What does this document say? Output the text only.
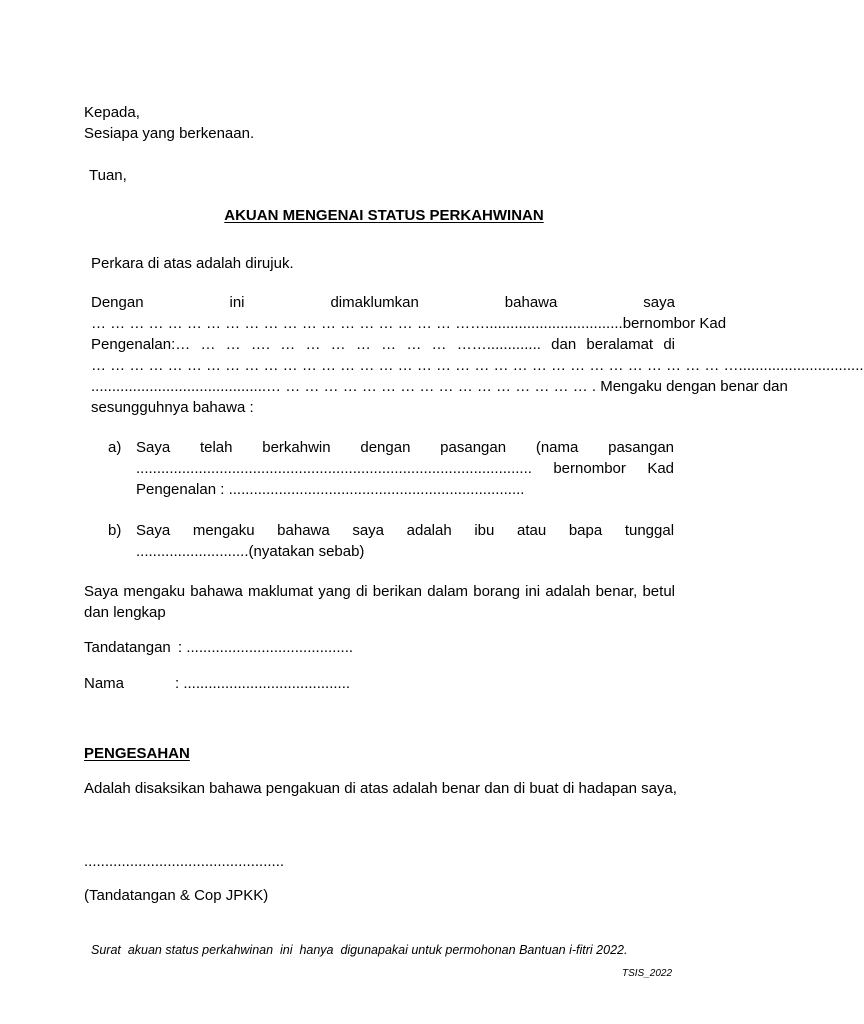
Kepada,
Sesiapa yang berkenaan.
Tuan,
AKUAN MENGENAI STATUS PERKAHWINAN
Perkara di atas adalah dirujuk.
Dengan	ini	dimaklumkan	bahawa	saya
… … … … … … … … … … … … … … … … … … … …….................................bernombor Kad
Pengenalan:… … … …. … … … … … … … ……............. dan beralamat di
… … … … … … … … … … … … … … … … … … … … … … … … … … … … … … … … … …..............................
..........................................… … … … … … … … … … … … … … … … … . Mengaku dengan benar dan
sesungguhnya bahawa :
a) Saya telah berkahwin dengan pasangan (nama pasangan
............................................................................................... bernombor Kad
Pengenalan : .......................................................................
b) Saya mengaku bahawa saya adalah ibu atau bapa tunggal
...........................(nyatakan sebab)
Saya mengaku bahawa maklumat yang di berikan dalam borang ini adalah benar, betul dan lengkap
Tandatangan : ........................................
Nama	: ........................................
PENGESAHAN
Adalah disaksikan bahawa pengakuan di atas adalah benar dan di buat di hadapan saya,
................................................
(Tandatangan & Cop JPKK)
Surat  akuan status perkahwinan  ini  hanya  digunapakai untuk permohonan Bantuan i-fitri 2022.
TSIS_2022
